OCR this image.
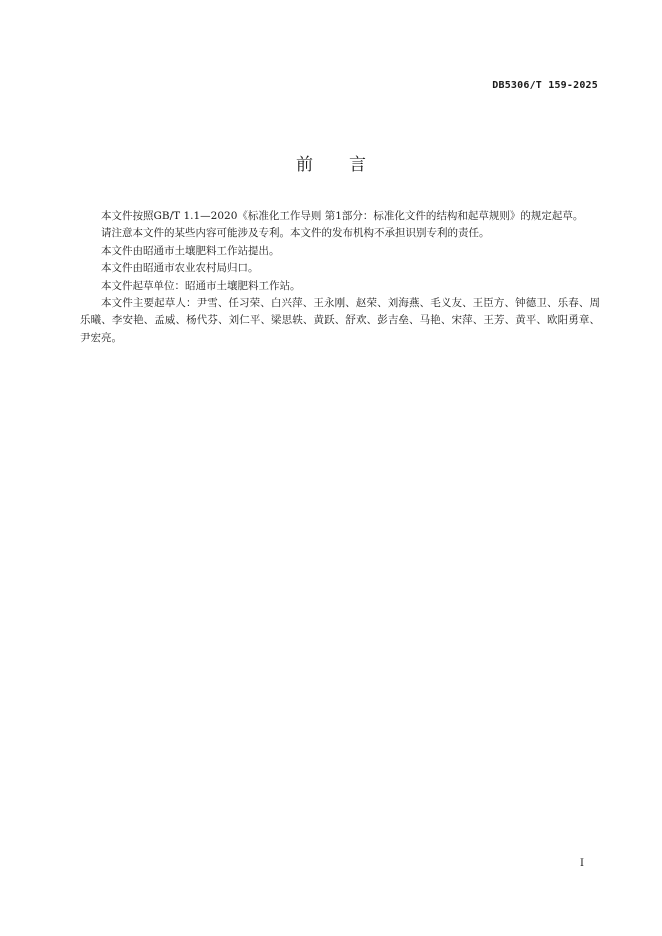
DB5306/T 159-2025
前言

本文件按照GB/T 1.1—2020《标准化工作导则 第1部分：标准化文件的结构和起草规则》的规定起草。

请注意本文件的某些内容可能涉及专利。本文件的发布机构不承担识别专利的责任。

本文件由昭通市土壤肥料工作站提出。

本文件由昭通市农业农村局归口。

本文件起草单位：昭通市土壤肥料工作站。

本文件主要起草人：尹雪、任习荣、白兴萍、王永刚、赵荣、刘海燕、毛义友、王臣方、钟德卫、乐春、周乐曦、李安艳、孟威、杨代芬、刘仁平、梁思轶、黄跃、舒欢、彭吉垒、马艳、宋萍、王芳、黄平、欧阳勇章、尹宏亮。

I
